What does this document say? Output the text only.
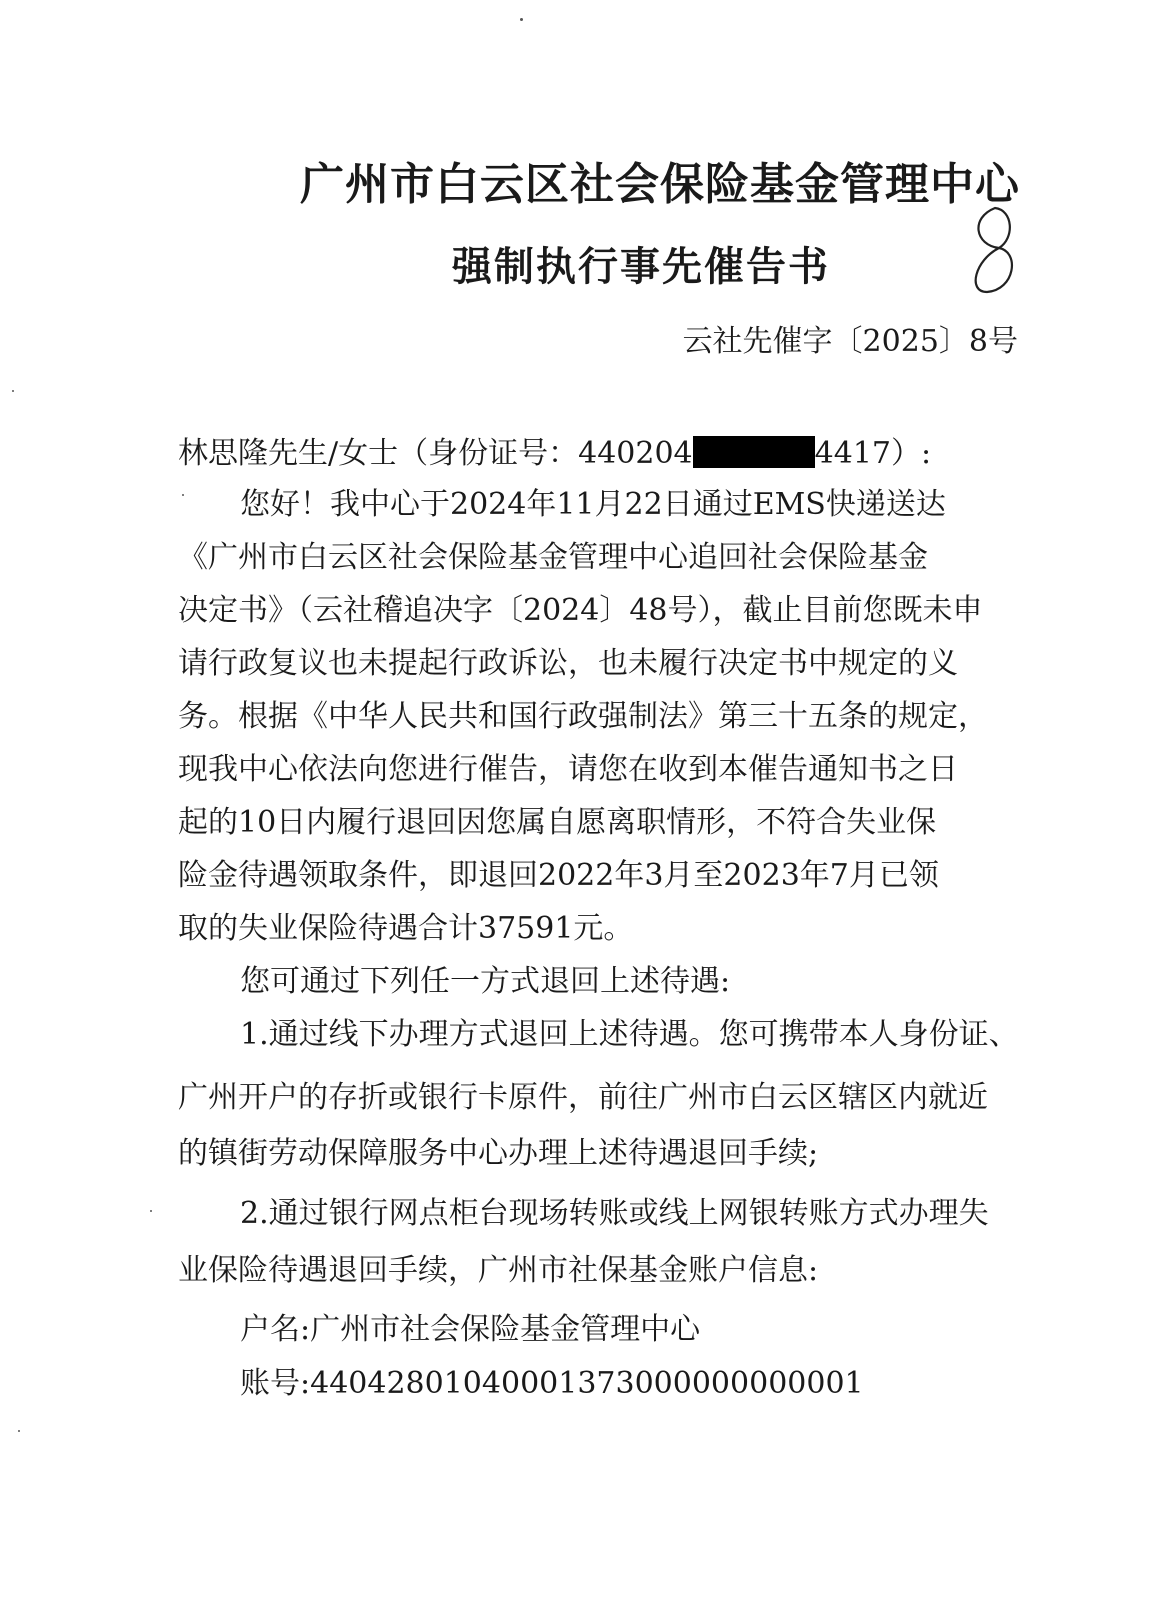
广州市白云区社会保险基金管理中心
强制执行事先催告书
云社先催字〔2025〕8号
林思隆先生/女士（身份证号：440204	4417）:
您好！我中心于2024年11月22日通过EMS快递送达
《广州市白云区社会保险基金管理中心追回社会保险基金
决定书》（云社稽追决字〔2024〕48号），截止目前您既未申
请行政复议也未提起行政诉讼，也未履行决定书中规定的义
务。根据《中华人民共和国行政强制法》第三十五条的规定，
现我中心依法向您进行催告，请您在收到本催告通知书之日
起的10日内履行退回因您属自愿离职情形，不符合失业保
险金待遇领取条件，即退回2022年3月至2023年7月已领
取的失业保险待遇合计37591元。
您可通过下列任一方式退回上述待遇:
1.通过线下办理方式退回上述待遇。您可携带本人身份证、
广州开户的存折或银行卡原件，前往广州市白云区辖区内就近
的镇街劳动保障服务中心办理上述待遇退回手续;
2.通过银行网点柜台现场转账或线上网银转账方式办理失
业保险待遇退回手续，广州市社保基金账户信息:
户名:广州市社会保险基金管理中心
账号:44042801040001373000000000001
